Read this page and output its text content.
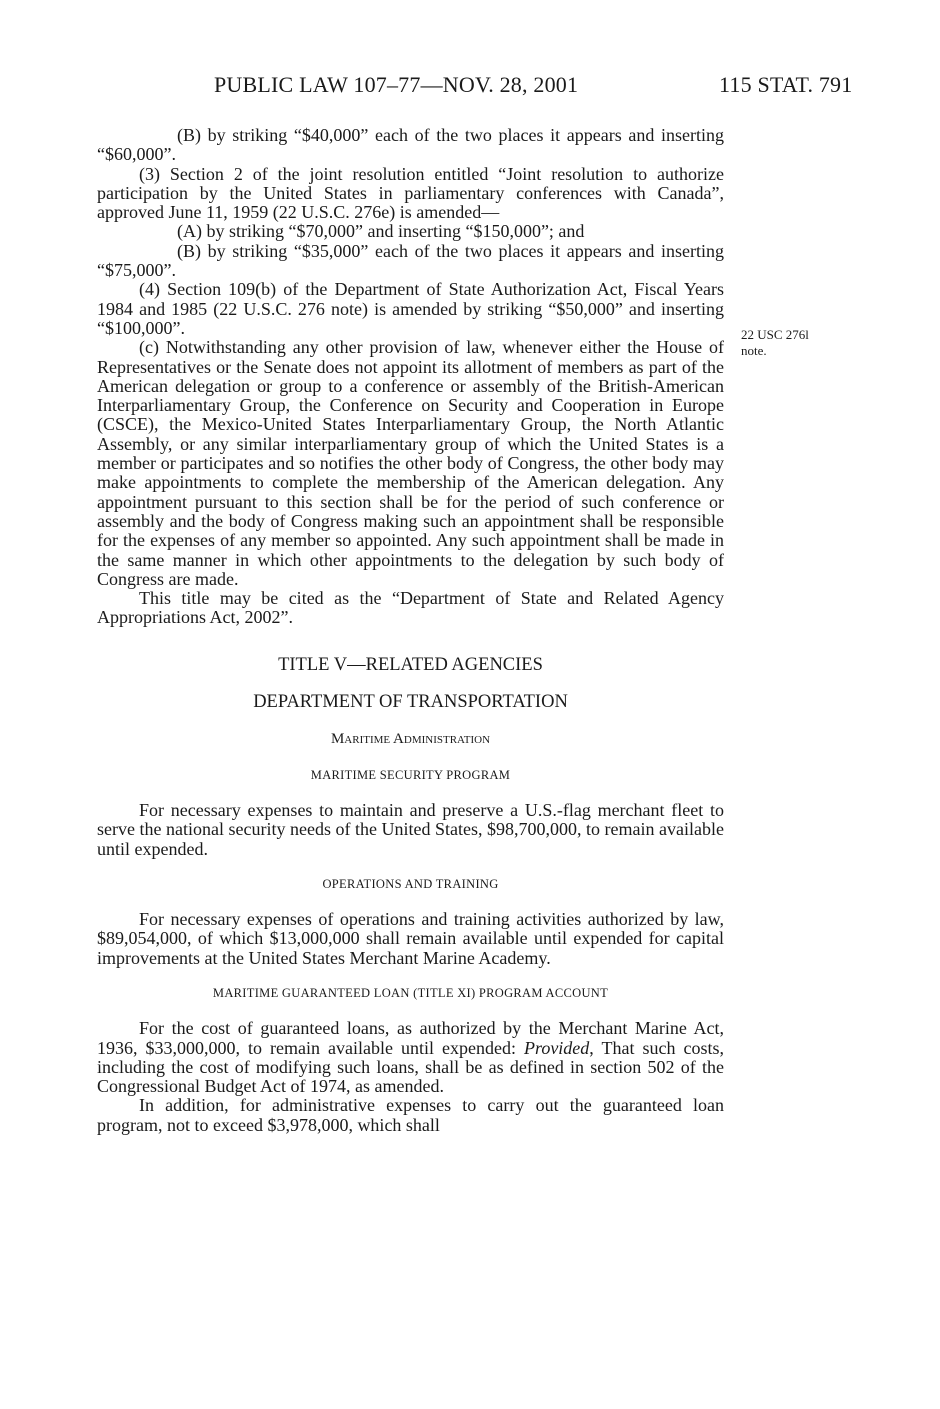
PUBLIC LAW 107–77—NOV. 28, 2001	115 STAT. 791
22 USC 276l
note.

(B) by striking “$40,000” each of the two places it appears and inserting “$60,000”.

(3) Section 2 of the joint resolution entitled “Joint resolution to authorize participation by the United States in parliamentary conferences with Canada”, approved June 11, 1959 (22 U.S.C. 276e) is amended—

(A) by striking “$70,000” and inserting “$150,000”; and

(B) by striking “$35,000” each of the two places it appears and inserting “$75,000”.

(4) Section 109(b) of the Department of State Authorization Act, Fiscal Years 1984 and 1985 (22 U.S.C. 276 note) is amended by striking “$50,000” and inserting “$100,000”.

(c) Notwithstanding any other provision of law, whenever either the House of Representatives or the Senate does not appoint its allotment of members as part of the American delegation or group to a conference or assembly of the British-American Interparliamentary Group, the Conference on Security and Cooperation in Europe (CSCE), the Mexico-United States Interparliamentary Group, the North Atlantic Assembly, or any similar interparliamentary group of which the United States is a member or participates and so notifies the other body of Congress, the other body may make appointments to complete the membership of the American delegation. Any appointment pursuant to this section shall be for the period of such conference or assembly and the body of Congress making such an appointment shall be responsible for the expenses of any member so appointed. Any such appointment shall be made in the same manner in which other appointments to the delegation by such body of Congress are made.

This title may be cited as the “Department of State and Related Agency Appropriations Act, 2002”.

TITLE V—RELATED AGENCIES

DEPARTMENT OF TRANSPORTATION

Maritime Administration

MARITIME SECURITY PROGRAM

For necessary expenses to maintain and preserve a U.S.-flag merchant fleet to serve the national security needs of the United States, $98,700,000, to remain available until expended.

OPERATIONS AND TRAINING

For necessary expenses of operations and training activities authorized by law, $89,054,000, of which $13,000,000 shall remain available until expended for capital improvements at the United States Merchant Marine Academy.

MARITIME GUARANTEED LOAN (TITLE XI) PROGRAM ACCOUNT

For the cost of guaranteed loans, as authorized by the Merchant Marine Act, 1936, $33,000,000, to remain available until expended: Provided, That such costs, including the cost of modifying such loans, shall be as defined in section 502 of the Congressional Budget Act of 1974, as amended.

In addition, for administrative expenses to carry out the guaranteed loan program, not to exceed $3,978,000, which shall
